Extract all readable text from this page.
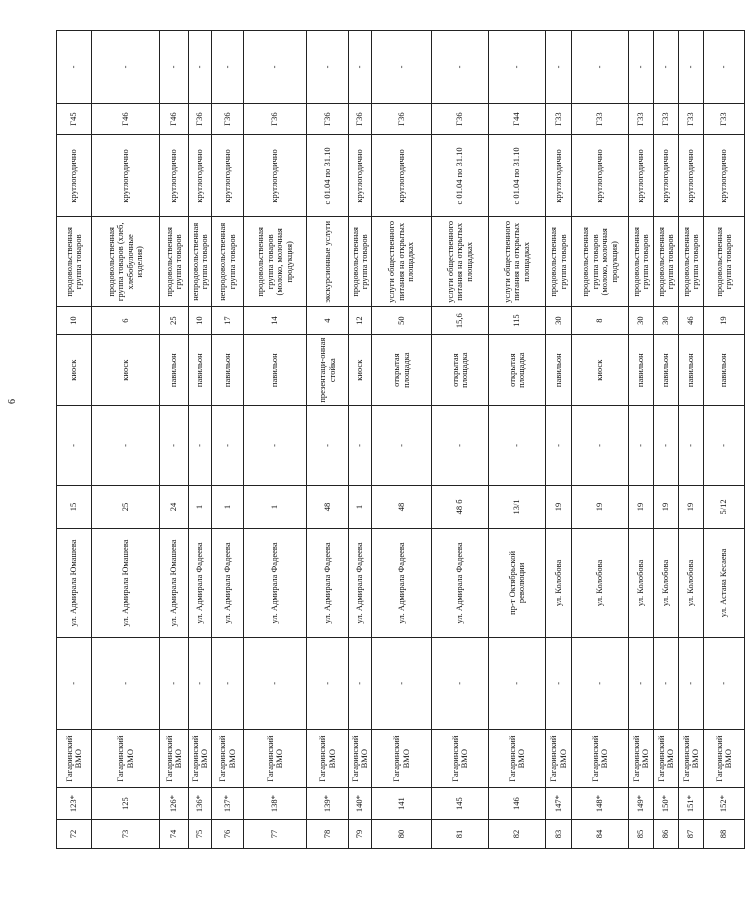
6
72	123*	Гагаринский ВМО	-	ул. Адмирала Юмашева	15	-	киоск	10	продовольственная группа товаров	круглогодично	Г45	-
73	125	Гагаринский ВМО	-	ул. Адмирала Юмашева	25	-	киоск	6	продовольственная группа товаров (хлеб, хлебобулочные изделия)	круглогодично	Г46	-
74	126*	Гагаринский ВМО	-	ул. Адмирала Юмашева	24	-	павильон	25	продовольственная группа товаров	круглогодично	Г46	-
75	136*	Гагаринский ВМО	-	ул. Адмирала Фадеева	1	-	павильон	10	непродовольственная группа товаров	круглогодично	Г36	-
76	137*	Гагаринский ВМО	-	ул. Адмирала Фадеева	1	-	павильон	17	непродовольственная группа товаров	круглогодично	Г36	-
77	138*	Гагаринский ВМО	-	ул. Адмирала Фадеева	1	-	павильон	14	продовольственная группа товаров (молоко, молочная продукция)	круглогодично	Г36	-
78	139*	Гагаринский ВМО	-	ул. Адмирала Фадеева	48	-	презентаци-онная стойка	4	экскурсионные услуги	с 01.04 по 31.10	Г36	-
79	140*	Гагаринский ВМО	-	ул. Адмирала Фадеева	1	-	киоск	12	продовольственная группа товаров	круглогодично	Г36	-
80	141	Гагаринский ВМО	-	ул. Адмирала Фадеева	48	-	открытая площадка	50	услуги общественного питания на открытых площадках	круглогодично	Г36	-
81	145	Гагаринский ВМО	-	ул. Адмирала Фадеева	48 б	-	открытая площадка	15,6	услуги общественного питания на открытых площадках	с 01.04 по 31.10	Г36	-
82	146	Гагаринский ВМО	-	пр-т Октябрьской революции	13/1	-	открытая площадка	115	услуги общественного питания на открытых площадках	с 01.04 по 31.10	Г44	-
83	147*	Гагаринский ВМО	-	ул. Колобова	19	-	павильон	30	продовольственная группа товаров	круглогодично	Г33	-
84	148*	Гагаринский ВМО	-	ул. Колобова	19	-	киоск	8	продовольственная группа товаров (молоко, молочная продукция)	круглогодично	Г33	-
85	149*	Гагаринский ВМО	-	ул. Колобова	19	-	павильон	30	продовольственная группа товаров	круглогодично	Г33	-
86	150*	Гагаринский ВМО	-	ул. Колобова	19	-	павильон	30	продовольственная группа товаров	круглогодично	Г33	-
87	151*	Гагаринский ВМО	-	ул. Колобова	19	-	павильон	46	продовольственная группа товаров	круглогодично	Г33	-
88	152*	Гагаринский ВМО	-	ул. Астана Кесаева	5/12	-	павильон	19	продовольственная группа товаров	круглогодично	Г33	-
